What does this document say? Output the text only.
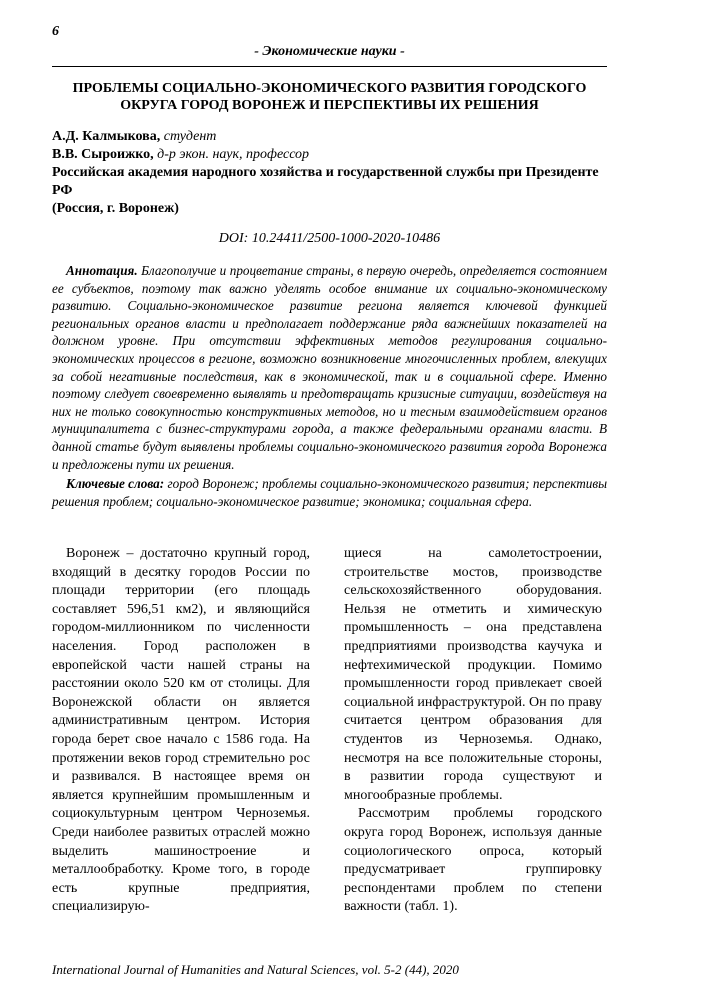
6
- Экономические науки -
ПРОБЛЕМЫ СОЦИАЛЬНО-ЭКОНОМИЧЕСКОГО РАЗВИТИЯ ГОРОДСКОГО ОКРУГА ГОРОД ВОРОНЕЖ И ПЕРСПЕКТИВЫ ИХ РЕШЕНИЯ
А.Д. Калмыкова, студент
В.В. Сыроижко, д-р экон. наук, профессор
Российская академия народного хозяйства и государственной службы при Президенте РФ
(Россия, г. Воронеж)
DOI: 10.24411/2500-1000-2020-10486

Аннотация. Благополучие и процветание страны, в первую очередь, определяется состоянием ее субъектов, поэтому так важно уделять особое внимание их социально-экономическому развитию. Социально-экономическое развитие региона является ключевой функцией региональных органов власти и предполагает поддержание ряда важнейших показателей на должном уровне. При отсутствии эффективных методов регулирования социально-экономических процессов в регионе, возможно возникновение многочисленных проблем, влекущих за собой негативные последствия, как в экономической, так и в социальной сфере. Именно поэтому следует своевременно выявлять и предотвращать кризисные ситуации, воздействуя на них не только совокупностью конструктивных методов, но и тесным взаимодействием органов муниципалитета с бизнес-структурами города, а также федеральными органами власти. В данной статье будут выявлены проблемы социально-экономического развития города Воронежа и предложены пути их решения.

Ключевые слова: город Воронеж; проблемы социально-экономического развития; перспективы решения проблем; социально-экономическое развитие; экономика; социальная сфера.

Воронеж – достаточно крупный город, входящий в десятку городов России по площади территории (его площадь составляет 596,51 км2), и являющийся городом-миллионником по численности населения. Город расположен в европейской части нашей страны на расстоянии около 520 км от столицы. Для Воронежской области он является административным центром. История города берет свое начало с 1586 года. На протяжении веков город стремительно рос и развивался. В настоящее время он является крупнейшим промышленным и социокультурным центром Черноземья. Среди наиболее развитых отраслей можно выделить машиностроение и металлообработку. Кроме того, в городе есть крупные предприятия, специализирую-

щиеся на самолетостроении, строительстве мостов, производстве сельскохозяйственного оборудования. Нельзя не отметить и химическую промышленность – она представлена предприятиями производства каучука и нефтехимической продукции. Помимо промышленности город привлекает своей социальной инфраструктурой. Он по праву считается центром образования для студентов из Черноземья. Однако, несмотря на все положительные стороны, в развитии города существуют и многообразные проблемы.

Рассмотрим проблемы городского округа город Воронеж, используя данные социологического опроса, который предусматривает группировку респондентами проблем по степени важности (табл. 1).

International Journal of Humanities and Natural Sciences, vol. 5-2 (44), 2020
